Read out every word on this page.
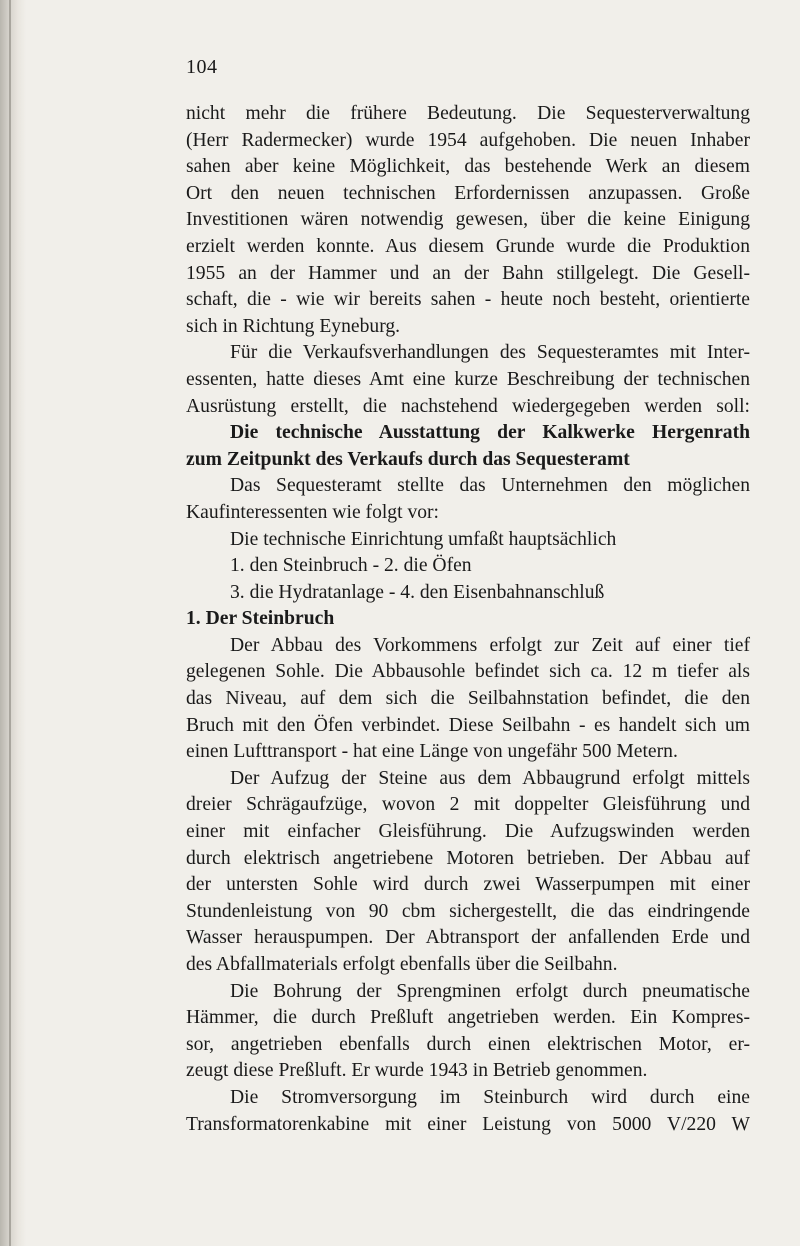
104
nicht mehr die frühere Bedeutung. Die Sequesterverwaltung
(Herr Radermecker) wurde 1954 aufgehoben. Die neuen Inhaber
sahen aber keine Möglichkeit, das bestehende Werk an diesem
Ort den neuen technischen Erfordernissen anzupassen. Große
Investitionen wären notwendig gewesen, über die keine Einigung
erzielt werden konnte. Aus diesem Grunde wurde die Produktion
1955 an der Hammer und an der Bahn stillgelegt. Die Gesell-
schaft, die - wie wir bereits sahen - heute noch besteht, orientierte
sich in Richtung Eyneburg.
Für die Verkaufsverhandlungen des Sequesteramtes mit Inter-
essenten, hatte dieses Amt eine kurze Beschreibung der technischen
Ausrüstung erstellt, die nachstehend wiedergegeben werden soll:
Die technische Ausstattung der Kalkwerke Hergenrath
zum Zeitpunkt des Verkaufs durch das Sequesteramt
Das Sequesteramt stellte das Unternehmen den möglichen
Kaufinteressenten wie folgt vor:
Die technische Einrichtung umfaßt hauptsächlich
1. den Steinbruch - 2. die Öfen
3. die Hydratanlage - 4. den Eisenbahnanschluß
1. Der Steinbruch
Der Abbau des Vorkommens erfolgt zur Zeit auf einer tief
gelegenen Sohle. Die Abbausohle befindet sich ca. 12 m tiefer als
das Niveau, auf dem sich die Seilbahnstation befindet, die den
Bruch mit den Öfen verbindet. Diese Seilbahn - es handelt sich um
einen Lufttransport - hat eine Länge von ungefähr 500 Metern.
Der Aufzug der Steine aus dem Abbaugrund erfolgt mittels
dreier Schrägaufzüge, wovon 2 mit doppelter Gleisführung und
einer mit einfacher Gleisführung. Die Aufzugswinden werden
durch elektrisch angetriebene Motoren betrieben. Der Abbau auf
der untersten Sohle wird durch zwei Wasserpumpen mit einer
Stundenleistung von 90 cbm sichergestellt, die das eindringende
Wasser herauspumpen. Der Abtransport der anfallenden Erde und
des Abfallmaterials erfolgt ebenfalls über die Seilbahn.
Die Bohrung der Sprengminen erfolgt durch pneumatische
Hämmer, die durch Preßluft angetrieben werden. Ein Kompres-
sor, angetrieben ebenfalls durch einen elektrischen Motor, er-
zeugt diese Preßluft. Er wurde 1943 in Betrieb genommen.
Die Stromversorgung im Steinburch wird durch eine
Transformatorenkabine mit einer Leistung von 5000 V/220 W
